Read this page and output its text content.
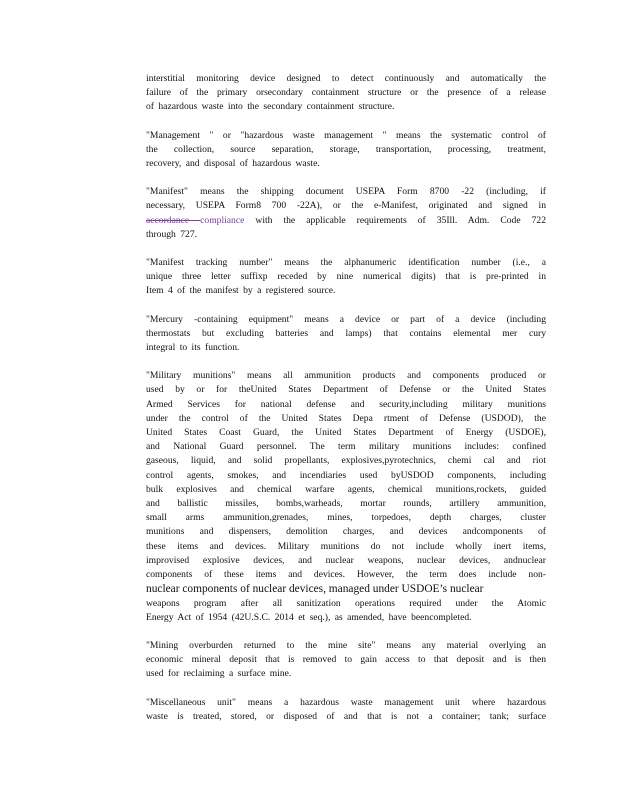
interstitial monitoring device designed to detect continuously and automatically the
failure of the primary orsecondary containment structure or the presence of a release
of hazardous waste into the secondary containment structure.

"Management " or "hazardous waste management " means the systematic control of
the collection, source separation, storage, transportation, processing, treatment,
recovery, and disposal of hazardous waste.

"Manifest" means the shipping document USEPA Form 8700 -22 (including, if
necessary, USEPA Form8 700 -22A), or the e-Manifest, originated and signed in
accordance compliance with the applicable requirements of 35Ill. Adm. Code 722
through 727.

"Manifest tracking number" means the alphanumeric identification number (i.e., a
unique three letter suffixp receded by nine numerical digits) that is pre-printed in
Item 4 of the manifest by a registered source.

"Mercury -containing equipment" means a device or part of a device (including
thermostats but excluding batteries and lamps) that contains elemental mer cury
integral to its function.

"Military munitions" means all ammunition products and components produced or
used by or for theUnited States Department of Defense or the United States
Armed Services for national defense and security,including military munitions
under the control of the United States Depa rtment of Defense (USDOD), the
United States Coast Guard, the United States Department of Energy (USDOE),
and National Guard personnel. The term military munitions includes: confined
gaseous, liquid, and solid propellants, explosives,pyrotechnics, chemi cal and riot
control agents, smokes, and incendiaries used byUSDOD components, including
bulk explosives and chemical warfare agents, chemical munitions,rockets, guided
and ballistic missiles, bombs,warheads, mortar rounds, artillery ammunition,
small arms ammunition,grenades, mines, torpedoes, depth charges, cluster
munitions and dispensers, demolition charges, and devices andcomponents of
these items and devices. Military munitions do not include wholly inert items,
improvised explosive devices, and nuclear weapons, nuclear devices, andnuclear
components of these items and devices. However, the term does include non-
nuclear components of nuclear devices, managed under USDOE’s nuclear
weapons program after all sanitization operations required under the Atomic
Energy Act of 1954 (42U.S.C. 2014 et seq.), as amended, have beencompleted.

"Mining overburden returned to the mine site" means any material overlying an
economic mineral deposit that is removed to gain access to that deposit and is then
used for reclaiming a surface mine.

"Miscellaneous unit" means a hazardous waste management unit where hazardous
waste is treated, stored, or disposed of and that is not a container; tank; surface
